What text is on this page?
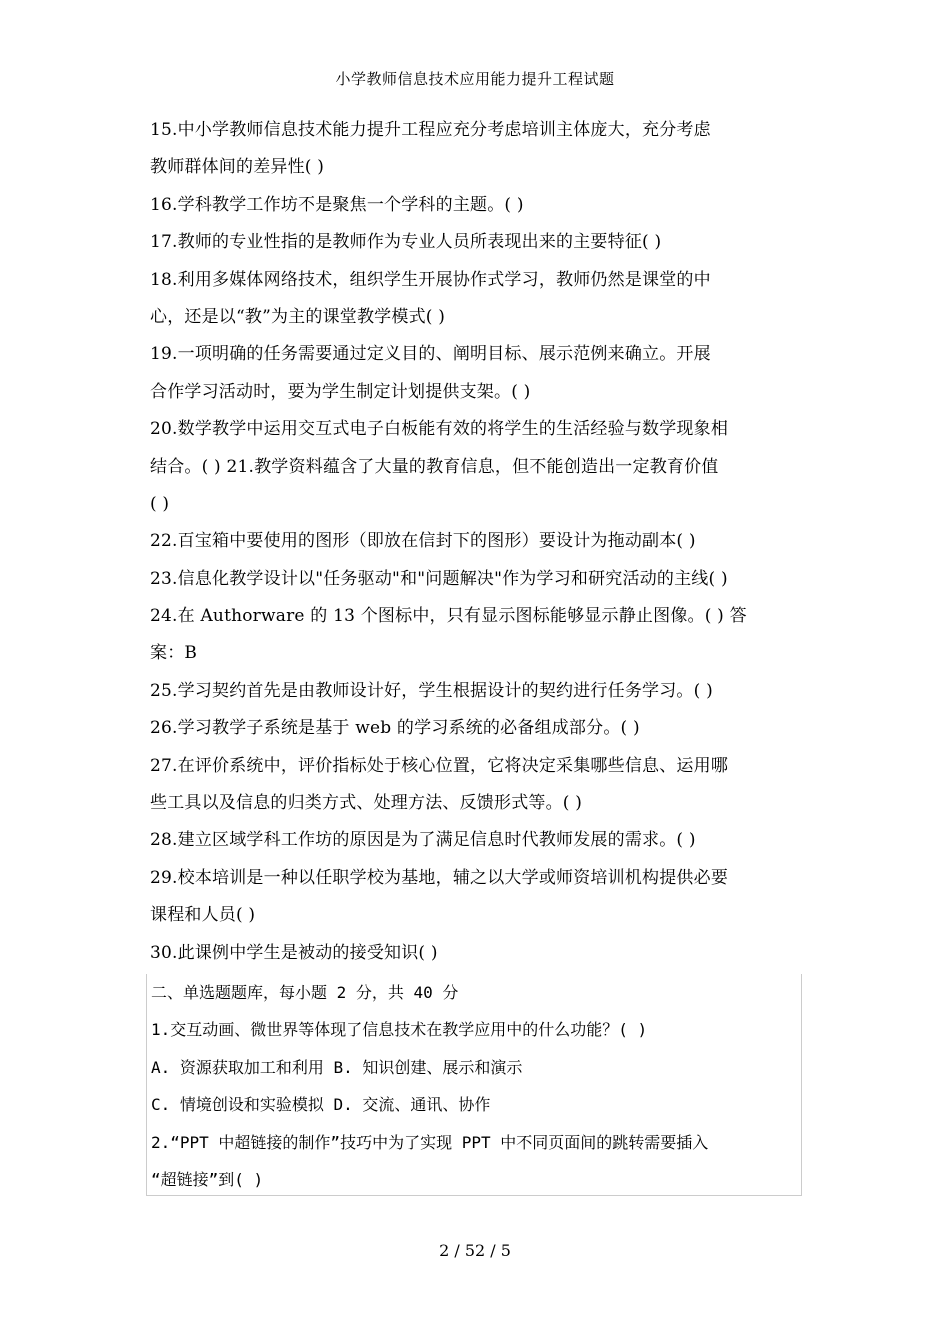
小学教师信息技术应用能力提升工程试题
15.中小学教师信息技术能力提升工程应充分考虑培训主体庞大，充分考虑
教师群体间的差异性( )
16.学科教学工作坊不是聚焦一个学科的主题。( )
17.教师的专业性指的是教师作为专业人员所表现出来的主要特征( )
18.利用多媒体网络技术，组织学生开展协作式学习，教师仍然是课堂的中
心，还是以“教”为主的课堂教学模式( )
19.一项明确的任务需要通过定义目的、阐明目标、展示范例来确立。开展
合作学习活动时，要为学生制定计划提供支架。( )
20.数学教学中运用交互式电子白板能有效的将学生的生活经验与数学现象相
结合。( ) 21.教学资料蕴含了大量的教育信息，但不能创造出一定教育价值
( )
22.百宝箱中要使用的图形（即放在信封下的图形）要设计为拖动副本( )
23.信息化教学设计以"任务驱动"和"问题解决"作为学习和研究活动的主线( )
24.在 Authorware 的 13 个图标中，只有显示图标能够显示静止图像。( ) 答
案：B
25.学习契约首先是由教师设计好，学生根据设计的契约进行任务学习。( )
26.学习教学子系统是基于 web 的学习系统的必备组成部分。( )
27.在评价系统中，评价指标处于核心位置，它将决定采集哪些信息、运用哪
些工具以及信息的归类方式、处理方法、反馈形式等。( )
28.建立区域学科工作坊的原因是为了满足信息时代教师发展的需求。( )
29.校本培训是一种以任职学校为基地，辅之以大学或师资培训机构提供必要
课程和人员( )
30.此课例中学生是被动的接受知识( )
二、单选题题库，每小题 2 分，共 40 分
1.交互动画、微世界等体现了信息技术在教学应用中的什么功能？( )
A. 资源获取加工和利用 B. 知识创建、展示和演示
C. 情境创设和实验模拟 D. 交流、通讯、协作
2.“PPT 中超链接的制作”技巧中为了实现 PPT 中不同页面间的跳转需要插入
“超链接”到( )
2 / 52 / 5
